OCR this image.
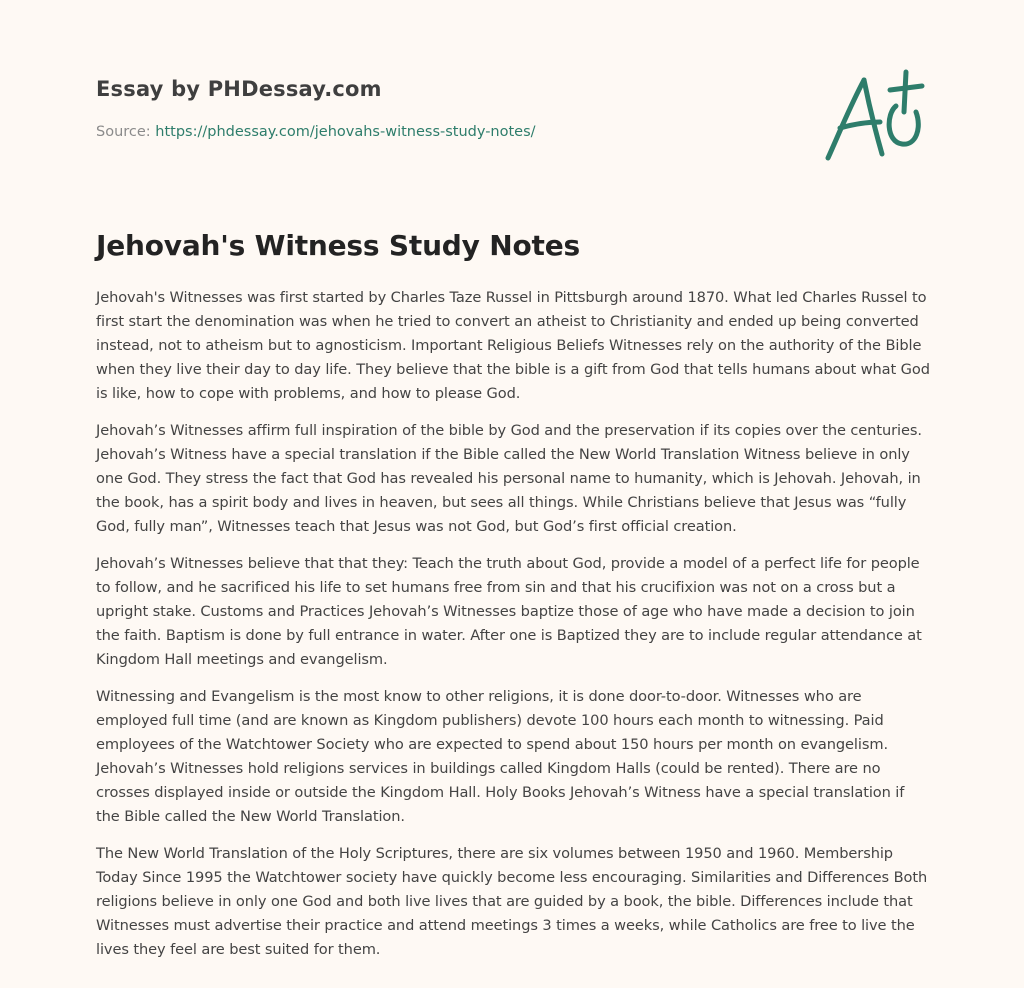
Essay by PHDessay.com
Source: https://phdessay.com/jehovahs-witness-study-notes/
Jehovah's Witness Study Notes

Jehovah's Witnesses was first started by Charles Taze Russel in Pittsburgh around 1870. What led Charles Russel to first start the denomination was when he tried to convert an atheist to Christianity and ended up being converted instead, not to atheism but to agnosticism. Important Religious Beliefs Witnesses rely on the authority of the Bible when they live their day to day life. They believe that the bible is a gift from God that tells humans about what God is like, how to cope with problems, and how to please God.

Jehovah’s Witnesses affirm full inspiration of the bible by God and the preservation if its copies over the centuries. Jehovah’s Witness have a special translation if the Bible called the New World Translation Witness believe in only one God. They stress the fact that God has revealed his personal name to humanity, which is Jehovah. Jehovah, in the book, has a spirit body and lives in heaven, but sees all things. While Christians believe that Jesus was “fully God, fully man”, Witnesses teach that Jesus was not God, but God’s first official creation.

Jehovah’s Witnesses believe that that they: Teach the truth about God, provide a model of a perfect life for people to follow, and he sacrificed his life to set humans free from sin and that his crucifixion was not on a cross but a upright stake. Customs and Practices Jehovah’s Witnesses baptize those of age who have made a decision to join the faith. Baptism is done by full entrance in water. After one is Baptized they are to include regular attendance at Kingdom Hall meetings and evangelism.

Witnessing and Evangelism is the most know to other religions, it is done door-to-door. Witnesses who are employed full time (and are known as Kingdom publishers) devote 100 hours each month to witnessing. Paid employees of the Watchtower Society who are expected to spend about 150 hours per month on evangelism. Jehovah’s Witnesses hold religions services in buildings called Kingdom Halls (could be rented). There are no crosses displayed inside or outside the Kingdom Hall. Holy Books Jehovah’s Witness have a special translation if the Bible called the New World Translation.

The New World Translation of the Holy Scriptures, there are six volumes between 1950 and 1960. Membership Today Since 1995 the Watchtower society have quickly become less encouraging. Similarities and Differences Both religions believe in only one God and both live lives that are guided by a book, the bible. Differences include that Witnesses must advertise their practice and attend meetings 3 times a weeks, while Catholics are free to live the lives they feel are best suited for them.
